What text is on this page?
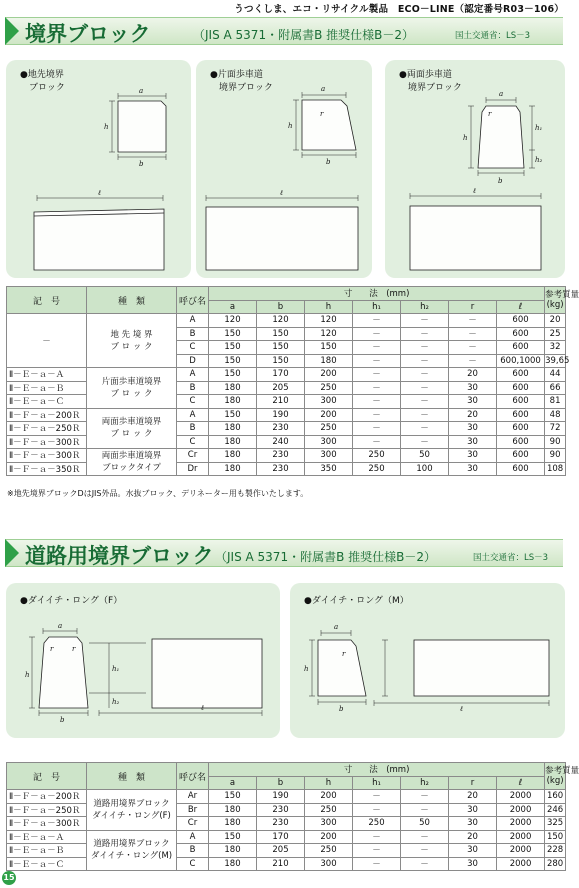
うつくしま、エコ・リサイクル製品　ECO－LINE（認定番号R03－106）
境界ブロック	（JIS A 5371・附属書B 推奨仕様B－2）	国土交通省：LS－3
●地先境界
　ブロック	a
b
h
ℓ
●片面歩車道
　境界ブロック	a
b
h
r
ℓ
●両面歩車道
　境界ブロック
a
b
h
h₁
h₂
r
ℓ
記　号	種　類	呼び名	寸　　法　(mm)							参考質量
(kg)
			a	b	h	h₁	h₂	r	ℓ	
－	地 先 境 界
ブ ロ ッ ク	A	120	120	120	－	－	－	600	20
		B	150	150	120	－	－	－	600	25
		C	150	150	150	－	－	－	600	32
		D	150	150	180	－	－	－	600,1000	39,65
Ⅱ－Ｅ－ａ－Ａ	片面歩車道境界
ブ ロ ッ ク	A	150	170	200	－	－	20	600	44
Ⅱ－Ｅ－ａ－Ｂ		B	180	205	250	－	－	30	600	66
Ⅱ－Ｅ－ａ－Ｃ		C	180	210	300	－	－	30	600	81
Ⅱ－Ｆ－ａ－200Ｒ	両面歩車道境界
ブ ロ ッ ク	A	150	190	200	－	－	20	600	48
Ⅱ－Ｆ－ａ－250Ｒ		B	180	230	250	－	－	30	600	72
Ⅱ－Ｆ－ａ－300Ｒ		C	180	240	300	－	－	30	600	90
Ⅱ－Ｆ－ａ－300Ｒ	両面歩車道境界
ブロックタイプ	Cr	180	230	300	250	50	30	600	90
Ⅱ－Ｆ－ａ－350Ｒ		Dr	180	230	350	250	100	30	600	108
※地先境界ブロックDはJIS外品。水抜ブロック、デリネーター用も製作いたします。
道路用境界ブロック （JIS A 5371・附属書B 推奨仕様B－2）	国土交通省：LS－3
●ダイイチ・ロング（F）
a
b
h
h₁
h₂
r	r
ℓ
●ダイイチ・ロング（M）
a
b
h
r
ℓ
記　号	種　類	呼び名	寸　　法　(mm)							参考質量
(kg)
			a	b	h	h₁	h₂	r	ℓ	
Ⅱ－Ｆ－ａ－200Ｒ	道路用境界ブロック
ダイイチ・ロング(F)	Ar	150	190	200	－	－	20	2000	160
Ⅱ－Ｆ－ａ－250Ｒ		Br	180	230	250	－	－	30	2000	246
Ⅱ－Ｆ－ａ－300Ｒ		Cr	180	230	300	250	50	30	2000	325
Ⅱ－Ｅ－ａ－Ａ	道路用境界ブロック
ダイイチ・ロング(M)	A	150	170	200	－	－	20	2000	150
Ⅱ－Ｅ－ａ－Ｂ		B	180	205	250	－	－	30	2000	228
Ⅱ－Ｅ－ａ－Ｃ		C	180	210	300	－	－	30	2000	280
15
